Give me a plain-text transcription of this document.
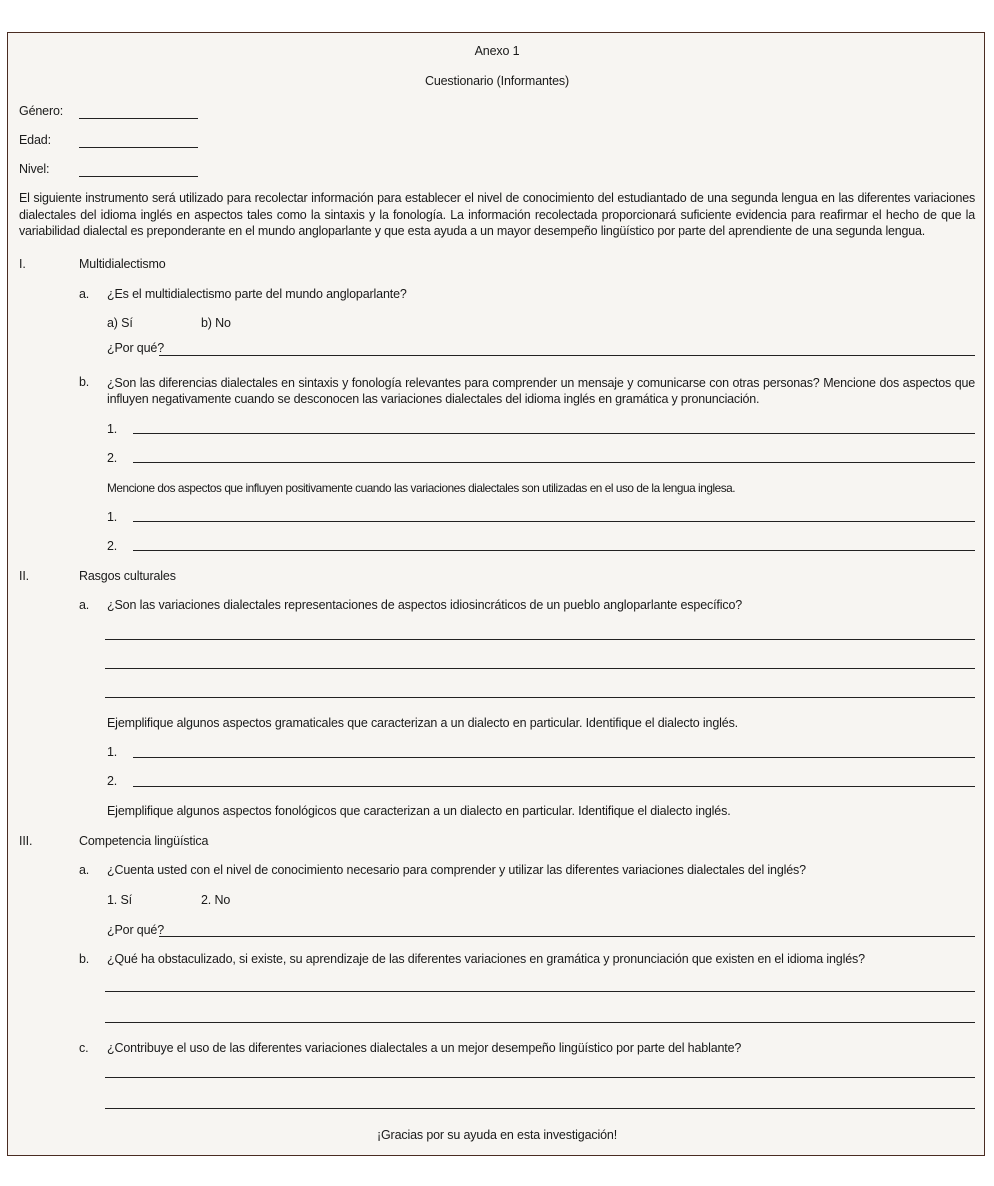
Anexo 1
Cuestionario (Informantes)
Género:
Edad:
Nivel:
El siguiente instrumento será utilizado para recolectar información para establecer el nivel de conocimiento del estudiantado de una segunda lengua en las diferentes variaciones dialectales del idioma inglés en aspectos tales como la sintaxis y la fonología. La información recolectada proporcionará suficiente evidencia para reafirmar el hecho de que la variabilidad dialectal es preponderante en el mundo angloparlante y que esta ayuda a un mayor desempeño lingüístico por parte del aprendiente de una segunda lengua.
I.	Multidialectismo
a. ¿Es el multidialectismo parte del mundo angloparlante?
a) Sí	b) No
¿Por qué?
b. ¿Son las diferencias dialectales en sintaxis y fonología relevantes para comprender un mensaje y comunicarse con otras personas? Mencione dos aspectos que influyen negativamente cuando se desconocen las variaciones dialectales del idioma inglés en gramática y pronunciación.
1.
2.
Mencione dos aspectos que influyen positivamente cuando las variaciones dialectales son utilizadas en el uso de la lengua inglesa.
1.
2.
II.	Rasgos culturales
a. ¿Son las variaciones dialectales representaciones de aspectos idiosincráticos de un pueblo angloparlante específico?
Ejemplifique algunos aspectos gramaticales que caracterizan a un dialecto en particular. Identifique el dialecto inglés.
1.
2.
Ejemplifique algunos aspectos fonológicos que caracterizan a un dialecto en particular. Identifique el dialecto inglés.
III.	Competencia lingüística
a. ¿Cuenta usted con el nivel de conocimiento necesario para comprender y utilizar las diferentes variaciones dialectales del inglés?
1. Sí	2. No
¿Por qué?
b. ¿Qué ha obstaculizado, si existe, su aprendizaje de las diferentes variaciones en gramática y pronunciación que existen en el idioma inglés?
c. ¿Contribuye el uso de las diferentes variaciones dialectales a un mejor desempeño lingüístico por parte del hablante?
¡Gracias por su ayuda en esta investigación!
